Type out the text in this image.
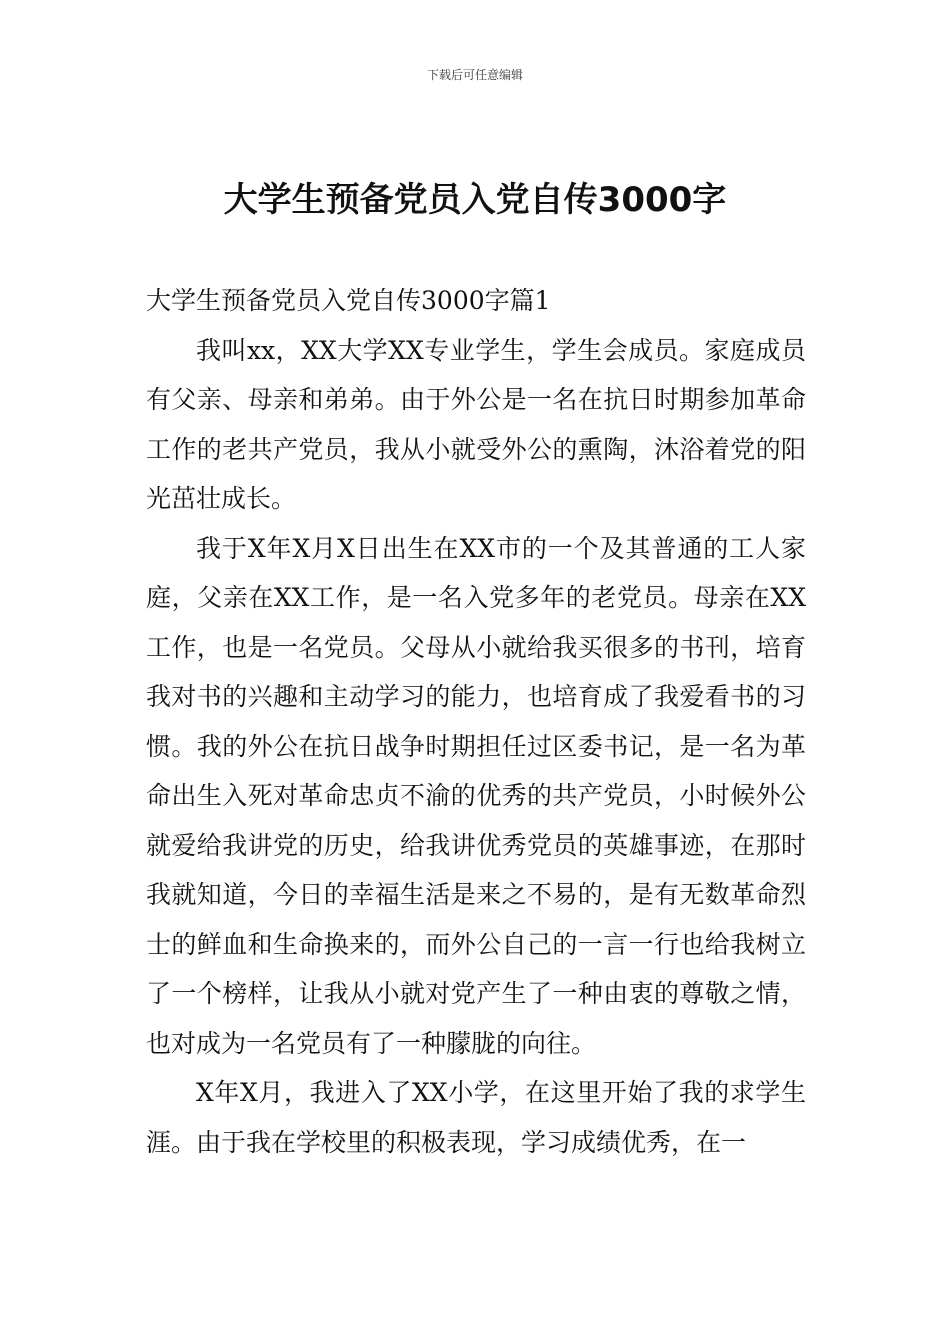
下载后可任意编辑
大学生预备党员入党自传3000字

大学生预备党员入党自传3000字篇1

我叫xx，XX大学XX专业学生，学生会成员。家庭成员有父亲、母亲和弟弟。由于外公是一名在抗日时期参加革命工作的老共产党员，我从小就受外公的熏陶，沐浴着党的阳光茁壮成长。

我于X年X月X日出生在XX市的一个及其普通的工人家庭，父亲在XX工作，是一名入党多年的老党员。母亲在XX工作，也是一名党员。父母从小就给我买很多的书刊，培育我对书的兴趣和主动学习的能力，也培育成了我爱看书的习惯。我的外公在抗日战争时期担任过区委书记，是一名为革命出生入死对革命忠贞不渝的优秀的共产党员，小时候外公就爱给我讲党的历史，给我讲优秀党员的英雄事迹，在那时我就知道，今日的幸福生活是来之不易的，是有无数革命烈士的鲜血和生命换来的，而外公自己的一言一行也给我树立了一个榜样，让我从小就对党产生了一种由衷的尊敬之情，也对成为一名党员有了一种朦胧的向往。

X年X月，我进入了XX小学，在这里开始了我的求学生涯。由于我在学校里的积极表现，学习成绩优秀，在一
